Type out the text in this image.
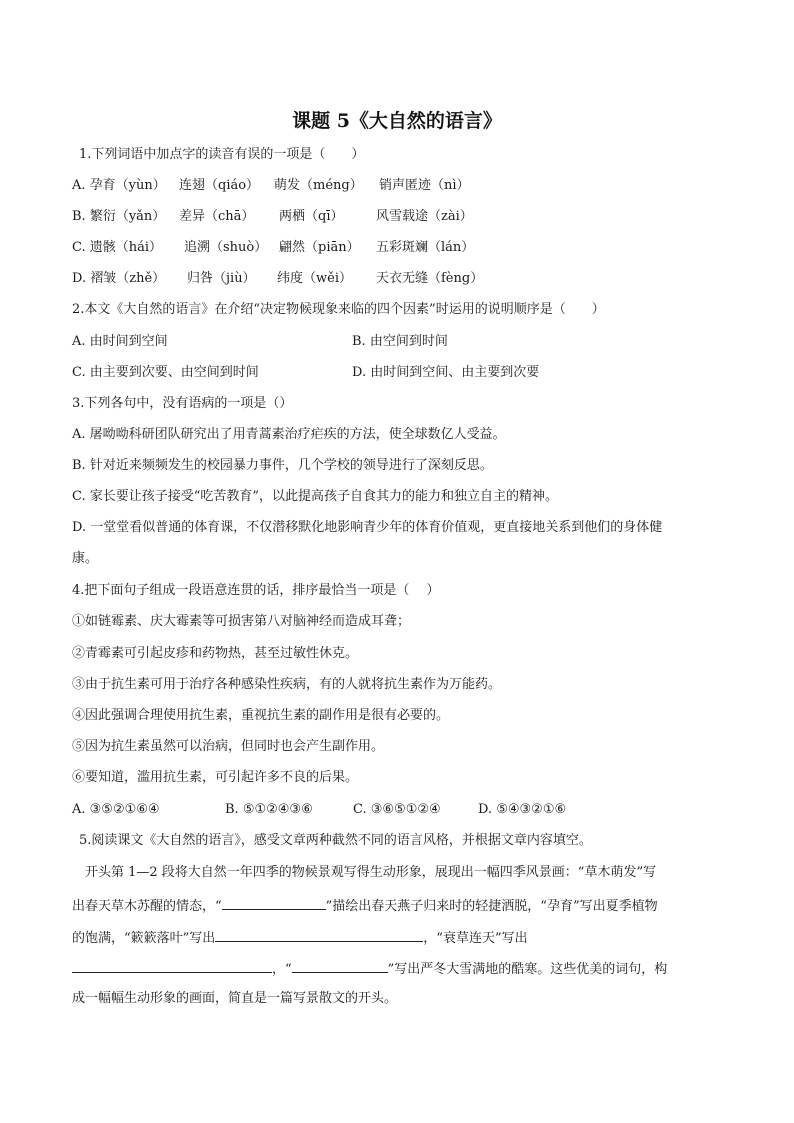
课题 5《大自然的语言》
1.下列词语中加点字的读音有误的一项是（　　）
A. 孕育（yùn） 连翅（qiáo） 萌发（méng） 销声匿迹（nì）
B. 繁衍（yǎn） 差异（chā） 两栖（qī）	风雪载途（zài）
C. 遗骸（hái） 追溯（shuò） 翩然（piān） 五彩斑斓（lán）
D. 褶皱（zhě） 归咎（jiù） 纬度（wěi） 天衣无缝（fèng）
2.本文《大自然的语言》在介绍“决定物候现象来临的四个因素”时运用的说明顺序是（　　）
A. 由时间到空间	B. 由空间到时间
C. 由主要到次要、由空间到时间	D. 由时间到空间、由主要到次要
3.下列各句中，没有语病的一项是（）
A. 屠呦呦科研团队研究出了用青蒿素治疗疟疾的方法，使全球数亿人受益。
B. 针对近来频频发生的校园暴力事件，几个学校的领导进行了深刻反思。
C. 家长要让孩子接受“吃苦教育”，以此提高孩子自食其力的能力和独立自主的精神。
D. 一堂堂看似普通的体育课，不仅潜移默化地影响青少年的体育价值观，更直接地关系到他们的身体健
康。
4.把下面句子组成一段语意连贯的话，排序最恰当一项是（　 ）
①如链霉素、庆大霉素等可损害第八对脑神经而造成耳聋；
②青霉素可引起皮疹和药物热，甚至过敏性休克。
③由于抗生素可用于治疗各种感染性疾病，有的人就将抗生素作为万能药。
④因此强调合理使用抗生素，重视抗生素的副作用是很有必要的。
⑤因为抗生素虽然可以治病，但同时也会产生副作用。
⑥要知道，滥用抗生素，可引起许多不良的后果。
A. ③⑤②①⑥④	B. ⑤①②④③⑥	C. ③⑥⑤①②④	D. ⑤④③②①⑥
5.阅读课文《大自然的语言》，感受文章两种截然不同的语言风格，并根据文章内容填空。
开头第 1—2 段将大自然一年四季的物候景观写得生动形象，展现出一幅四季风景画：“草木萌发”写
出春天草木苏醒的情态，“	”描绘出春天燕子归来时的轻捷洒脱，“孕育”写出夏季植物
的饱满，“簌簌落叶”写出	，“衰草连天”写出
，“	”写出严冬大雪满地的酷寒。这些优美的词句，构
成一幅幅生动形象的画面，简直是一篇写景散文的开头。
